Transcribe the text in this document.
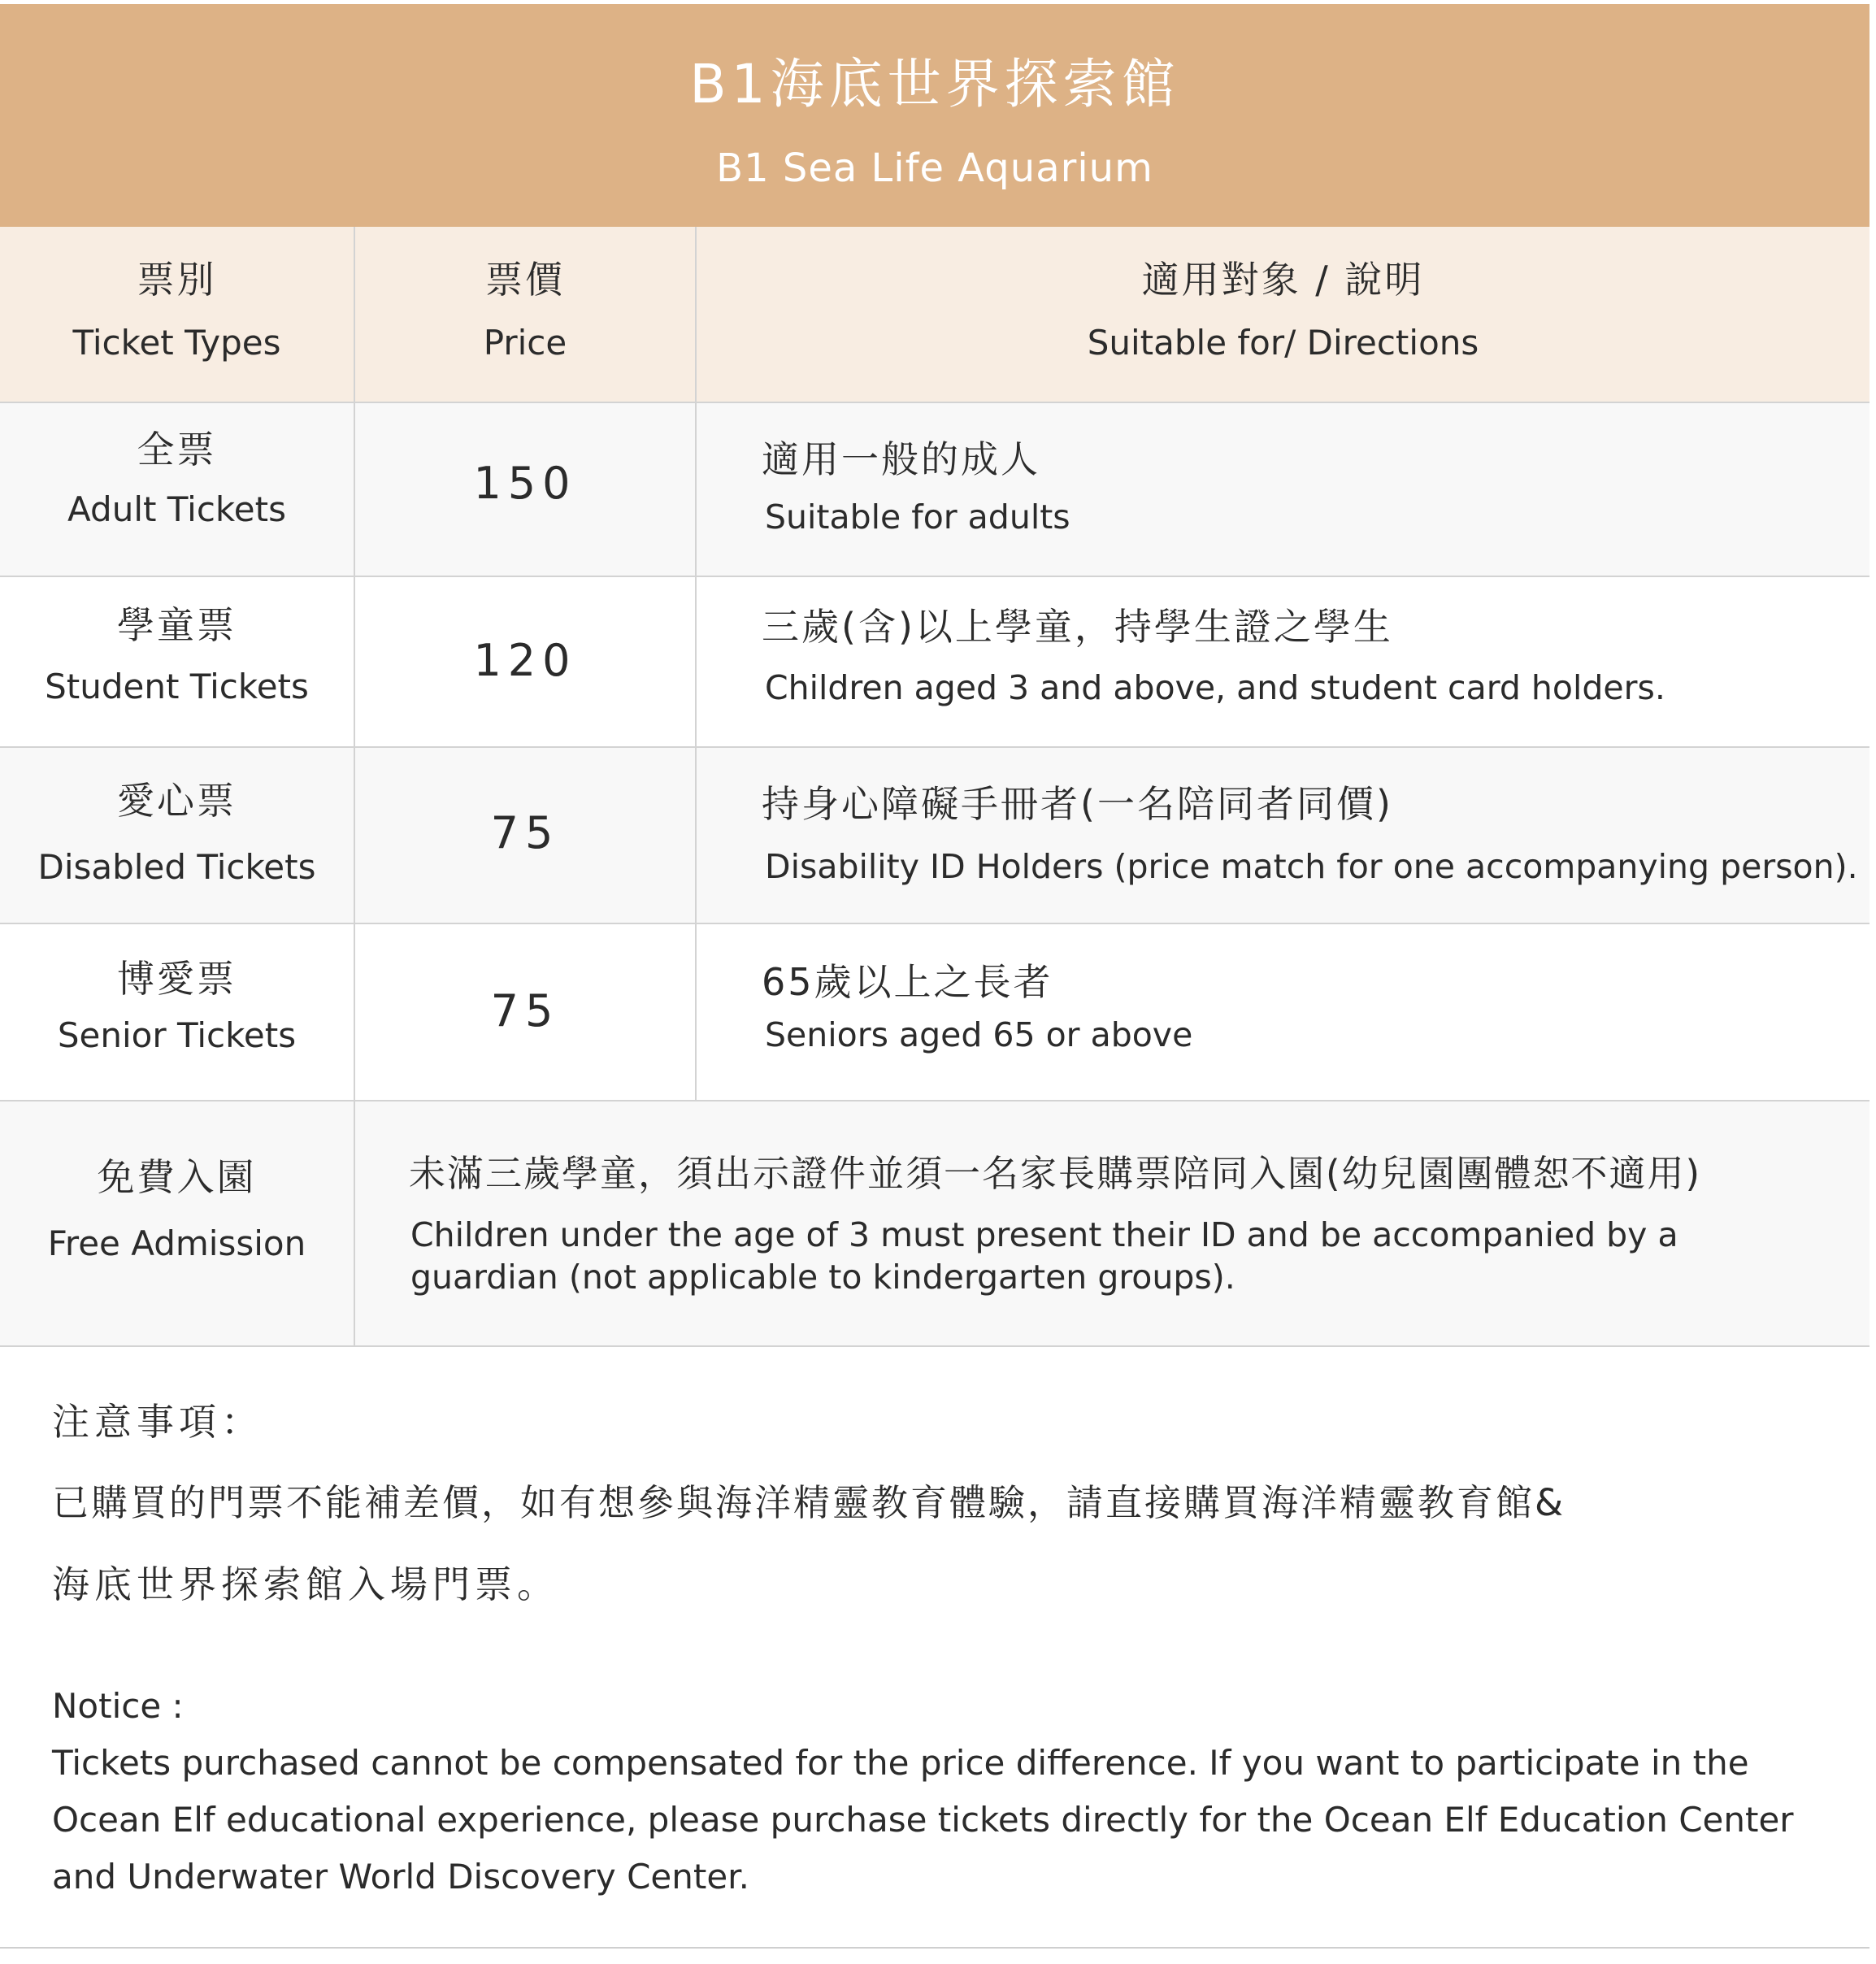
B1海底世界探索館
B1 Sea Life Aquarium
票別
Ticket Types
票價
Price
適用對象 / 說明
Suitable for/ Directions
全票
Adult Tickets
150	適用一般的成人
Suitable for adults
學童票
Student Tickets
120
三歲(含)以上學童，持學生證之學生
Children aged 3 and above, and student card holders.
愛心票
Disabled Tickets
75
持身心障礙手冊者(一名陪同者同價)
Disability ID Holders (price match for one accompanying person).
博愛票
Senior Tickets	75
65歲以上之長者
Seniors aged 65 or above
免費入園
Free Admission
未滿三歲學童，須出示證件並須一名家長購票陪同入園(幼兒園團體恕不適用)
Children under the age of 3 must present their ID and be accompanied by a
guardian (not applicable to kindergarten groups).
注意事項：
已購買的門票不能補差價，如有想參與海洋精靈教育體驗，請直接購買海洋精靈教育館&
海底世界探索館入場門票。
Notice :
Tickets purchased cannot be compensated for the price difference. If you want to participate in the
Ocean Elf educational experience, please purchase tickets directly for the Ocean Elf Education Center
and Underwater World Discovery Center.
